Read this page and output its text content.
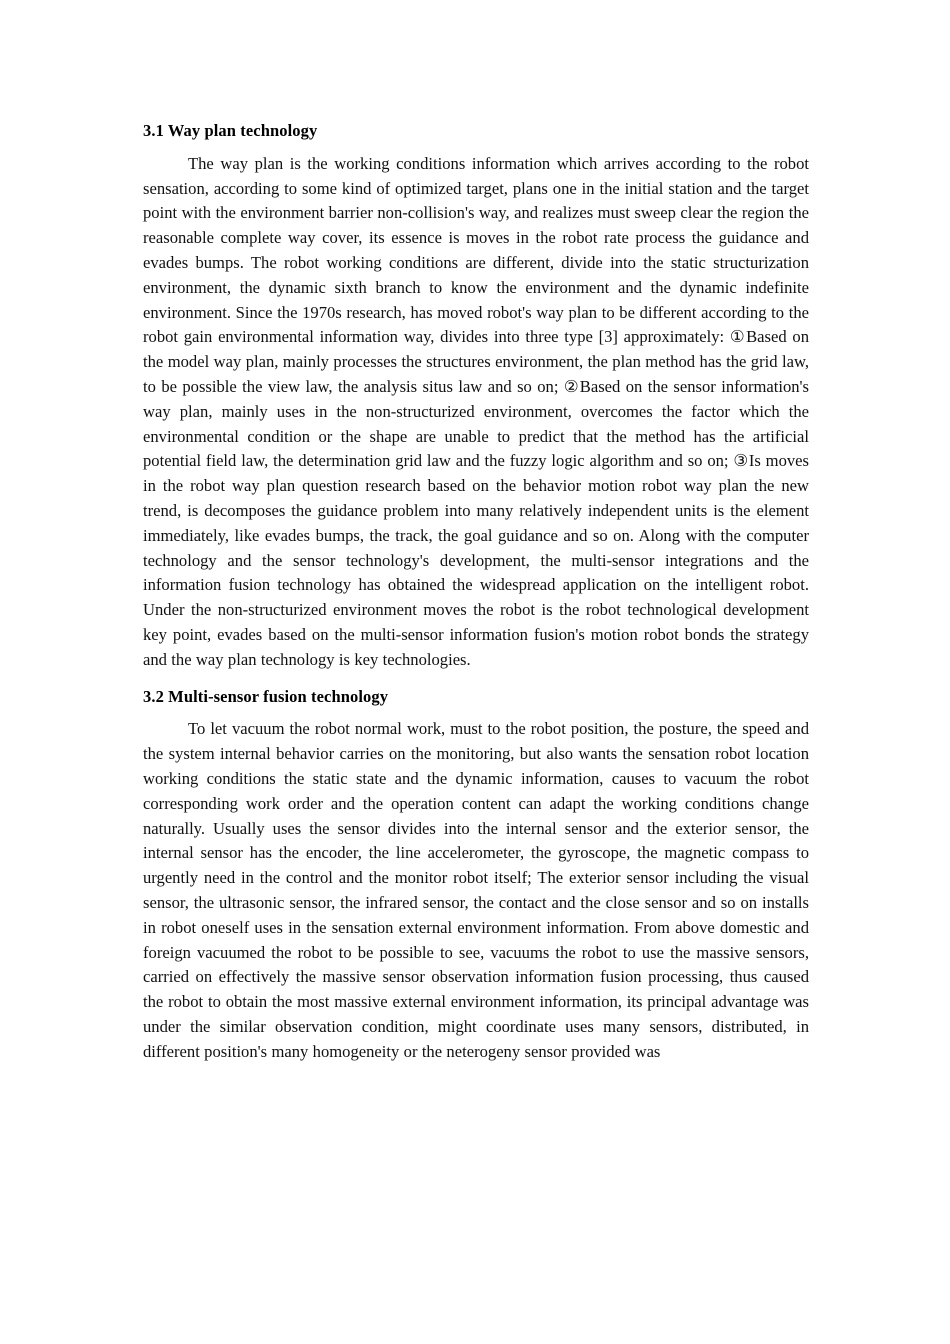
3.1 Way plan technology

The way plan is the working conditions information which arrives according to the robot sensation, according to some kind of optimized target, plans one in the initial station and the target point with the environment barrier non-collision's way, and realizes must sweep clear the region the reasonable complete way cover, its essence is moves in the robot rate process the guidance and evades bumps. The robot working conditions are different, divide into the static structurization environment, the dynamic sixth branch to know the environment and the dynamic indefinite environment. Since the 1970s research, has moved robot's way plan to be different according to the robot gain environmental information way, divides into three type [3] approximately: ①Based on the model way plan, mainly processes the structures environment, the plan method has the grid law, to be possible the view law, the analysis situs law and so on; ②Based on the sensor information's way plan, mainly uses in the non-structurized environment, overcomes the factor which the environmental condition or the shape are unable to predict that the method has the artificial potential field law, the determination grid law and the fuzzy logic algorithm and so on; ③Is moves in the robot way plan question research based on the behavior motion robot way plan the new trend, is decomposes the guidance problem into many relatively independent units is the element immediately, like evades bumps, the track, the goal guidance and so on. Along with the computer technology and the sensor technology's development, the multi-sensor integrations and the information fusion technology has obtained the widespread application on the intelligent robot. Under the non-structurized environment moves the robot is the robot technological development key point, evades based on the multi-sensor information fusion's motion robot bonds the strategy and the way plan technology is key technologies.

3.2 Multi-sensor fusion technology

To let vacuum the robot normal work, must to the robot position, the posture, the speed and the system internal behavior carries on the monitoring, but also wants the sensation robot location working conditions the static state and the dynamic information, causes to vacuum the robot corresponding work order and the operation content can adapt the working conditions change naturally. Usually uses the sensor divides into the internal sensor and the exterior sensor, the internal sensor has the encoder, the line accelerometer, the gyroscope, the magnetic compass to urgently need in the control and the monitor robot itself; The exterior sensor including the visual sensor, the ultrasonic sensor, the infrared sensor, the contact and the close sensor and so on installs in robot oneself uses in the sensation external environment information. From above domestic and foreign vacuumed the robot to be possible to see, vacuums the robot to use the massive sensors, carried on effectively the massive sensor observation information fusion processing, thus caused the robot to obtain the most massive external environment information, its principal advantage was under the similar observation condition, might coordinate uses many sensors, distributed, in different position's many homogeneity or the neterogeny sensor provided was
